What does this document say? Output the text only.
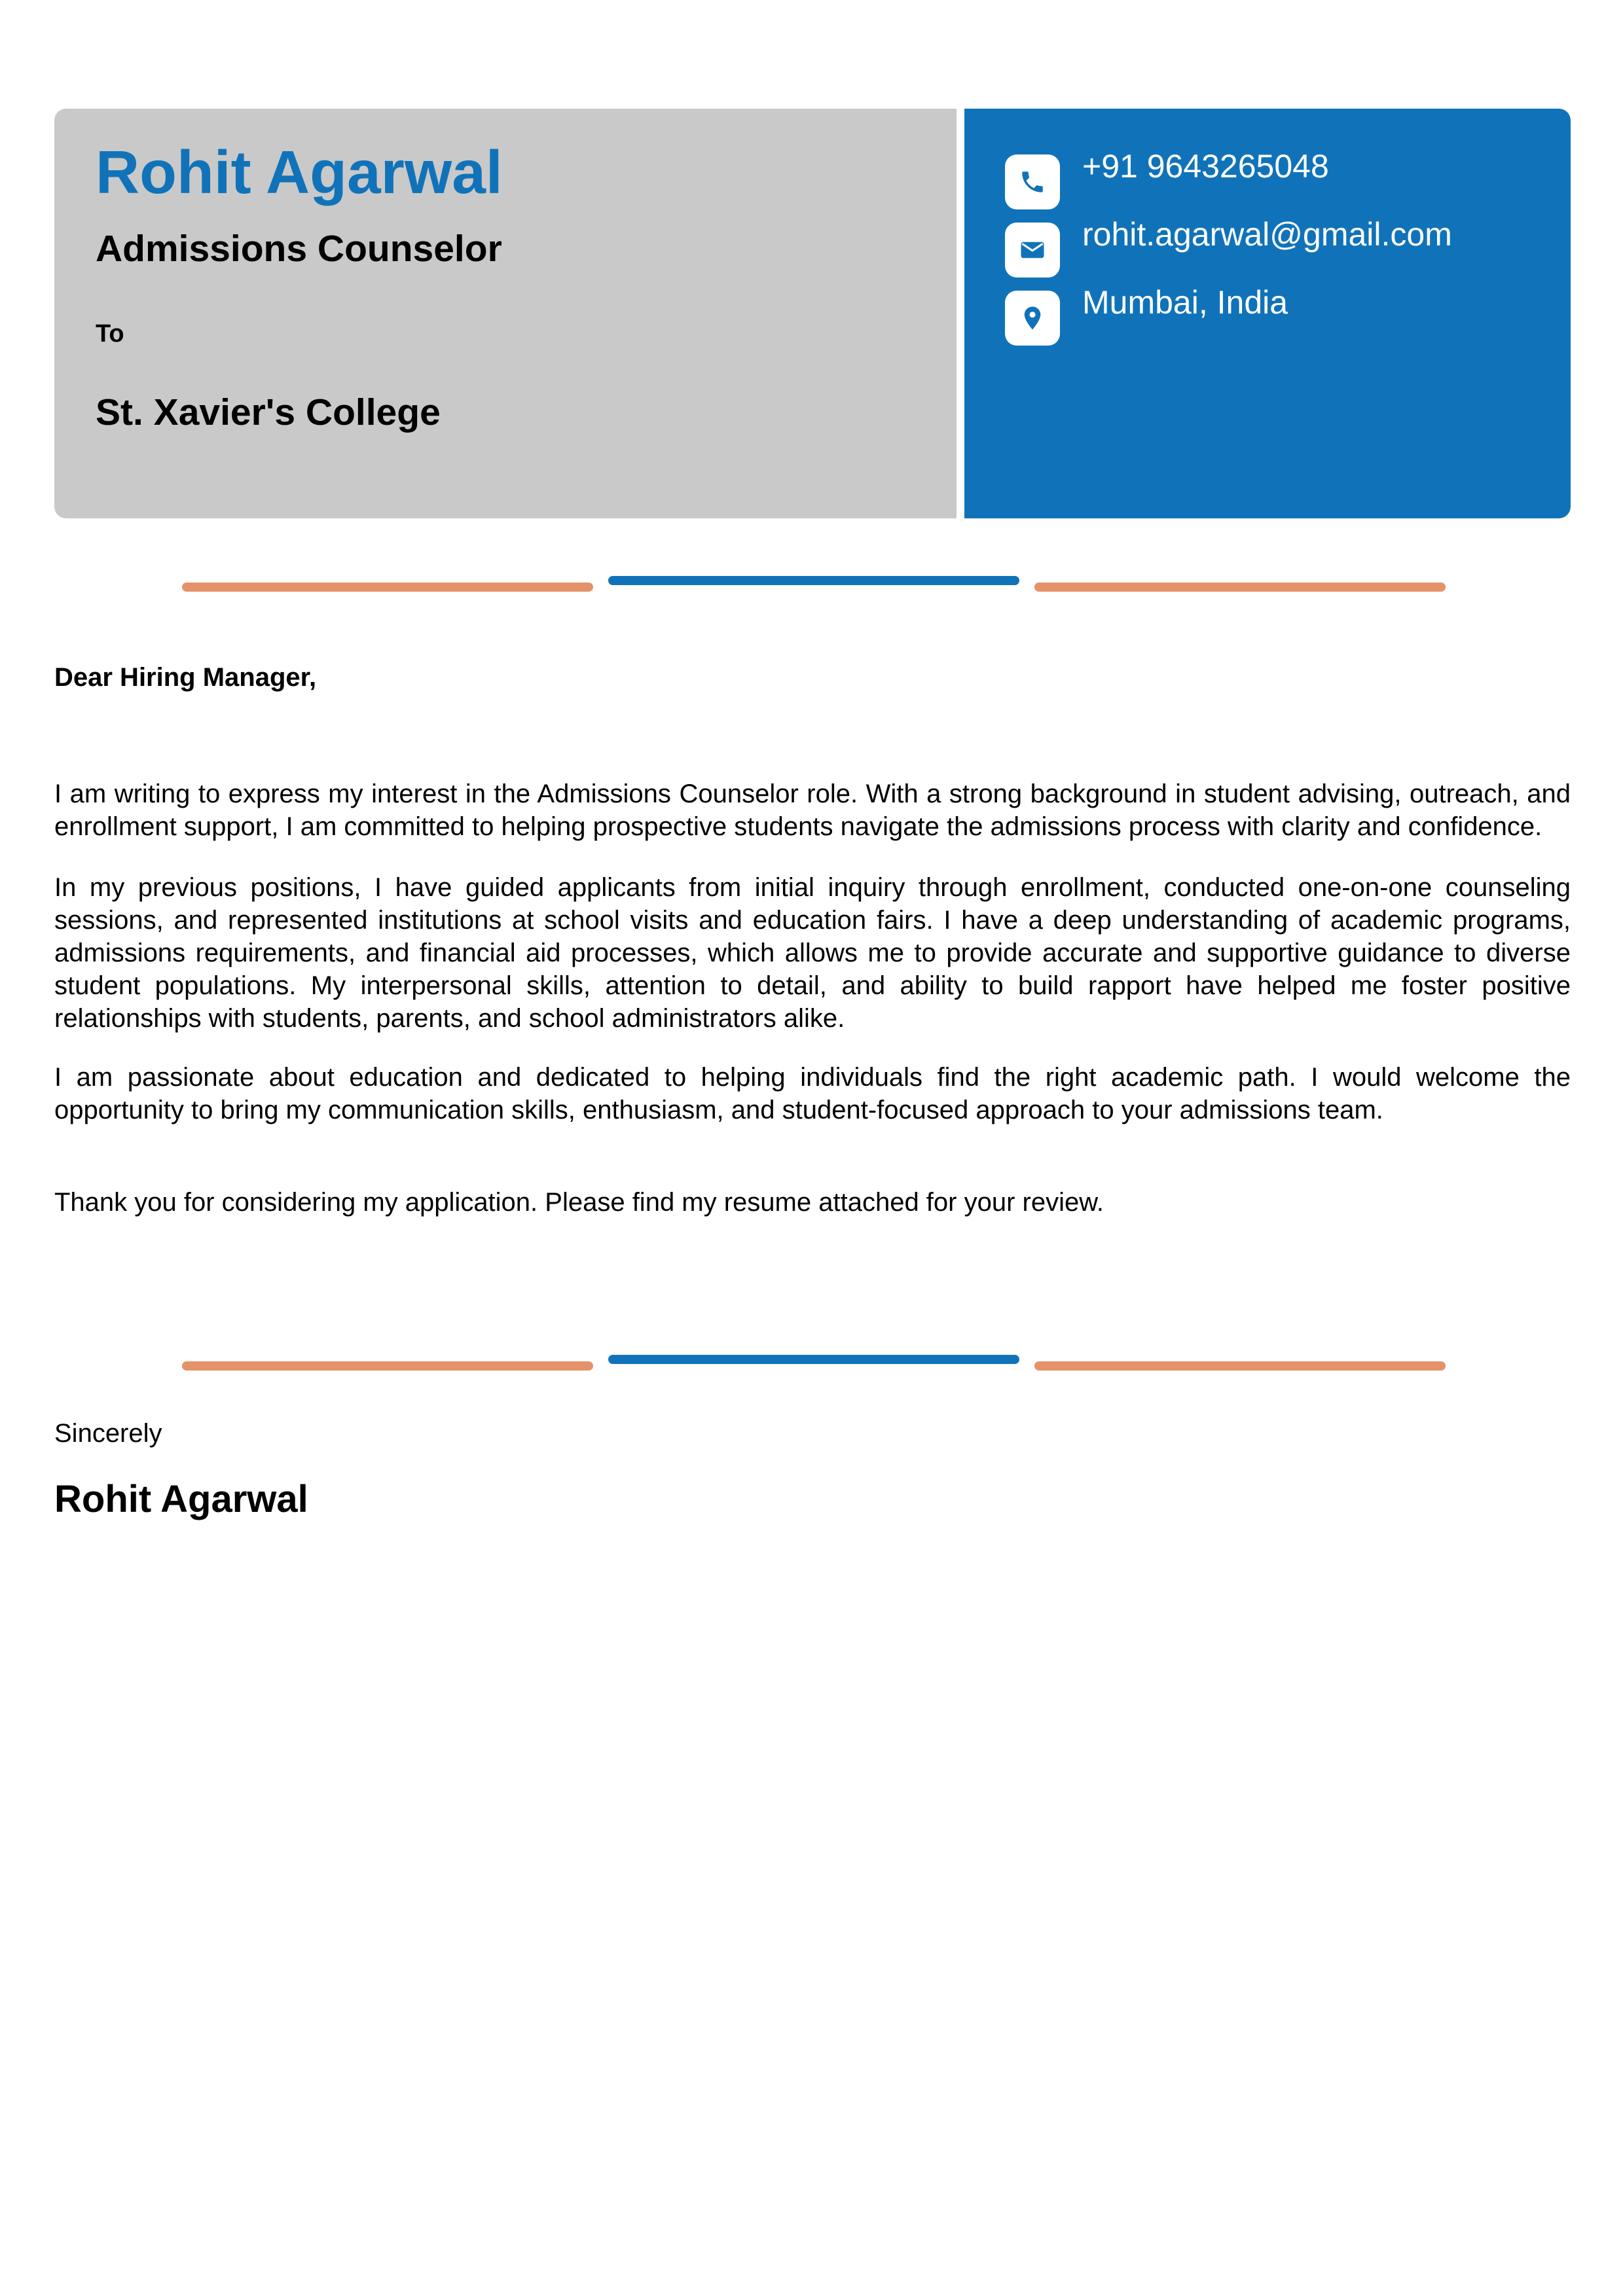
Rohit Agarwal
Admissions Counselor
To
St. Xavier's College
+91 9643265048
rohit.agarwal@gmail.com
Mumbai, India
Dear Hiring Manager,

I am writing to express my interest in the Admissions Counselor role. With a strong background in student advising, outreach, and enrollment support, I am committed to helping prospective students navigate the admissions process with clarity and confidence.

In my previous positions, I have guided applicants from initial inquiry through enrollment, conducted one-on-one counseling sessions, and represented institutions at school visits and education fairs. I have a deep understanding of academic programs, admissions requirements, and financial aid processes, which allows me to provide accurate and supportive guidance to diverse student populations. My interpersonal skills, attention to detail, and ability to build rapport have helped me foster positive relationships with students, parents, and school administrators alike.

I am passionate about education and dedicated to helping individuals find the right academic path. I would welcome the opportunity to bring my communication skills, enthusiasm, and student-focused approach to your admissions team.

Thank you for considering my application. Please find my resume attached for your review.

Sincerely
Rohit Agarwal
